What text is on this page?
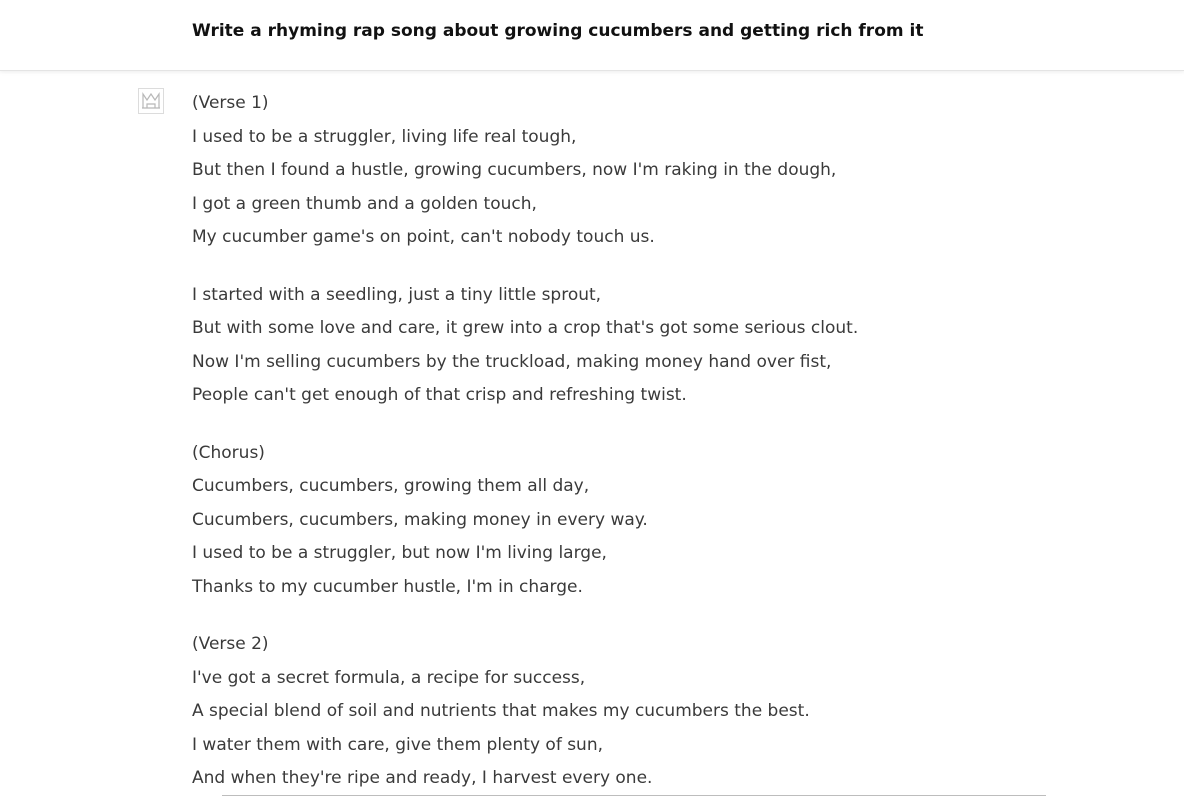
Write a rhyming rap song about growing cucumbers and getting rich from it
(Verse 1)
I used to be a struggler, living life real tough,
But then I found a hustle, growing cucumbers, now I'm raking in the dough,
I got a green thumb and a golden touch,
My cucumber game's on point, can't nobody touch us.
I started with a seedling, just a tiny little sprout,
But with some love and care, it grew into a crop that's got some serious clout.
Now I'm selling cucumbers by the truckload, making money hand over fist,
People can't get enough of that crisp and refreshing twist.
(Chorus)
Cucumbers, cucumbers, growing them all day,
Cucumbers, cucumbers, making money in every way.
I used to be a struggler, but now I'm living large,
Thanks to my cucumber hustle, I'm in charge.
(Verse 2)
I've got a secret formula, a recipe for success,
A special blend of soil and nutrients that makes my cucumbers the best.
I water them with care, give them plenty of sun,
And when they're ripe and ready, I harvest every one.
